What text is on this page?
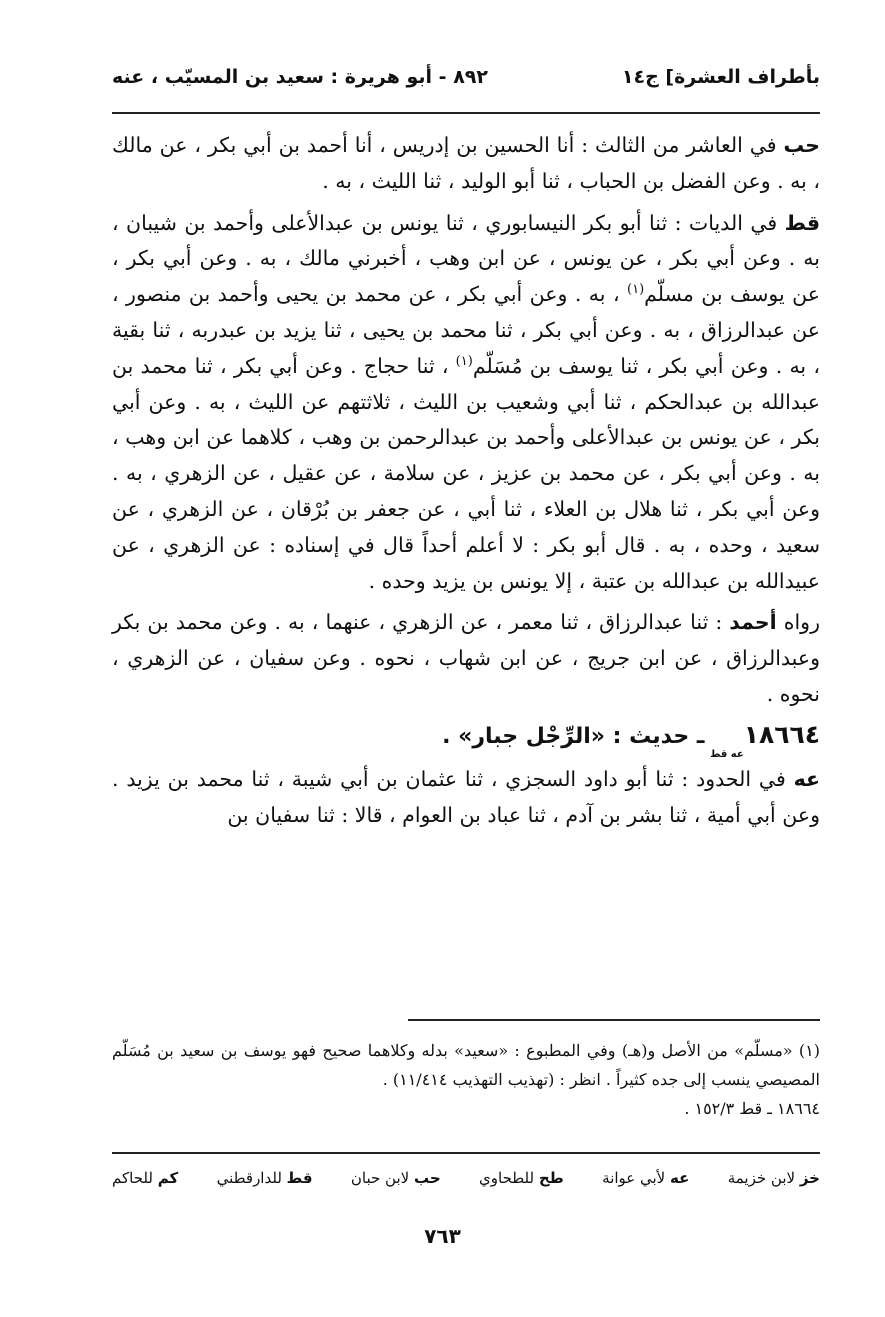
بأطراف العشرة] ج١٤
٨٩٢ - أبو هريرة : سعيد بن المسيّب ، عنه

حب في العاشر من الثالث : أنا الحسين بن إدريس ، أنا أحمد بن أبي بكر ، عن مالك ، به . وعن الفضل بن الحباب ، ثنا أبو الوليد ، ثنا الليث ، به .

قط في الديات : ثنا أبو بكر النيسابوري ، ثنا يونس بن عبدالأعلى وأحمد بن شيبان ، به . وعن أبي بكر ، عن يونس ، عن ابن وهب ، أخبرني مالك ، به . وعن أبي بكر ، عن يوسف بن مسلّم$^{(١)}$ ، به . وعن أبي بكر ، عن محمد بن يحيى وأحمد بن منصور ، عن عبدالرزاق ، به . وعن أبي بكر ، ثنا محمد بن يحيى ، ثنا يزيد بن عبدربه ، ثنا بقية ، به . وعن أبي بكر ، ثنا يوسف بن مُسَلّم$^{(١)}$ ، ثنا حجاج . وعن أبي بكر ، ثنا محمد بن عبدالله بن عبدالحكم ، ثنا أبي وشعيب بن الليث ، ثلاثتهم عن الليث ، به . وعن أبي بكر ، عن يونس بن عبدالأعلى وأحمد بن عبدالرحمن بن وهب ، كلاهما عن ابن وهب ، به . وعن أبي بكر ، عن محمد بن عزيز ، عن سلامة ، عن عقيل ، عن الزهري ، به . وعن أبي بكر ، ثنا هلال بن العلاء ، ثنا أبي ، عن جعفر بن بُرْقان ، عن الزهري ، عن سعيد ، وحده ، به . قال أبو بكر : لا أعلم أحداً قال في إسناده : عن الزهري ، عن عبيدالله بن عبدالله بن عتبة ، إلا يونس بن يزيد وحده .

رواه أحمد : ثنا عبدالرزاق ، ثنا معمر ، عن الزهري ، عنهما ، به . وعن محمد بن بكر وعبدالرزاق ، عن ابن جريج ، عن ابن شهاب ، نحوه . وعن سفيان ، عن الزهري ، نحوه .

١٨٦٦٤عه قط ـ حديث : «الرِّجْل جبار» .

عه في الحدود : ثنا أبو داود السجزي ، ثنا عثمان بن أبي شيبة ، ثنا محمد بن يزيد . وعن أبي أمية ، ثنا بشر بن آدم ، ثنا عباد بن العوام ، قالا : ثنا سفيان بن

(١) «مسلّم» من الأصل و(هـ) وفي المطبوع : «سعيد» بدله وكلاهما صحيح فهو يوسف بن سعيد بن مُسَلّم المصيصي ينسب إلى جده كثيراً . انظر : (تهذيب التهذيب ١١/٤١٤) .

١٨٦٦٤ ـ قط ١٥٢/٣ .

خز لابن خزيمة
عه لأبي عوانة
طح للطحاوي
حب لابن حبان
قط للدارقطني
كم للحاكم
٧٦٣
